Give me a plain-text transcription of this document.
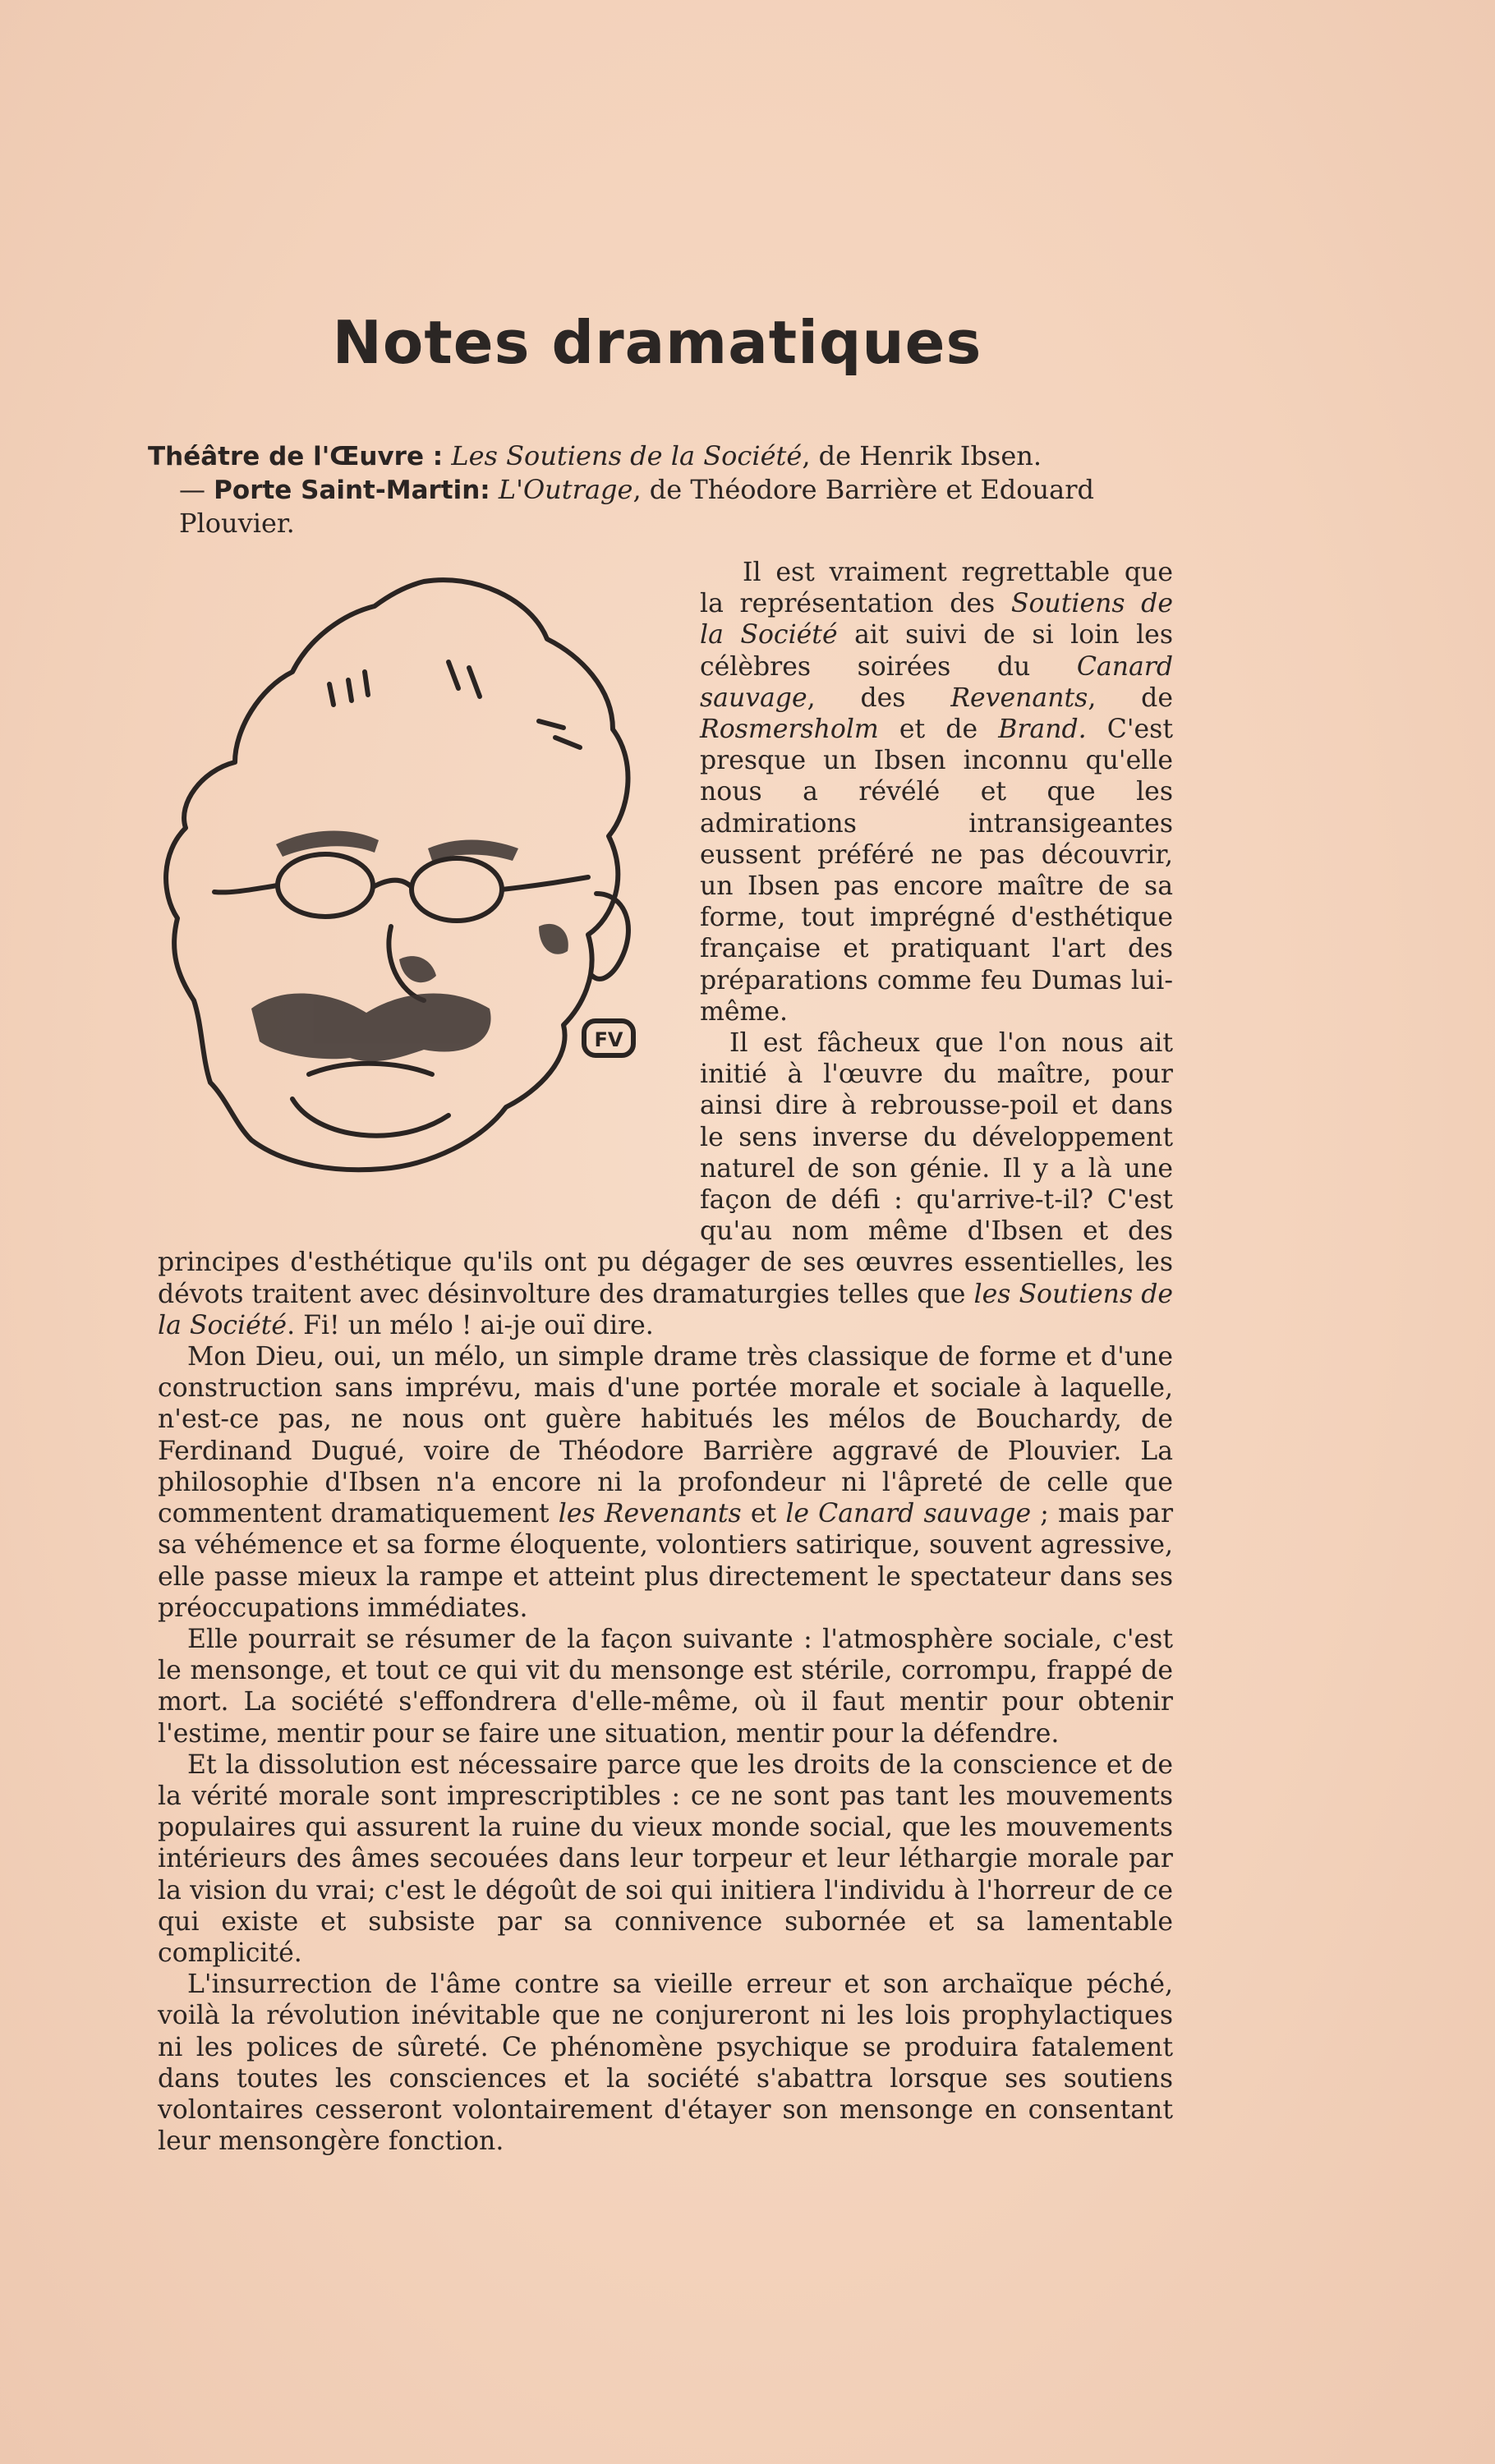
Notes dramatiques
Théâtre de l'Œuvre : Les Soutiens de la Société, de Henrik Ibsen.
— Porte Saint-Martin: L'Outrage, de Théodore Barrière et Edouard
Plouvier.
FV

Il est vraiment regrettable que la représentation des Soutiens de la Société ait suivi de si loin les célèbres soirées du Canard sauvage, des Revenants, de Rosmersholm et de Brand. C'est presque un Ibsen inconnu qu'elle nous a révélé et que les admirations intransigeantes eussent préféré ne pas découvrir, un Ibsen pas encore maître de sa forme, tout imprégné d'esthétique française et pratiquant l'art des préparations comme feu Dumas lui-même.

Il est fâcheux que l'on nous ait initié à l'œuvre du maître, pour ainsi dire à rebrousse-poil et dans le sens inverse du développement naturel de son génie. Il y a là une façon de défi : qu'arrive-t-il? C'est qu'au nom même d'Ibsen et des principes d'esthétique qu'ils ont pu dégager de ses œuvres essentielles, les dévots traitent avec désinvolture des dramaturgies telles que les Soutiens de la Société. Fi! un mélo ! ai-je ouï dire.

Mon Dieu, oui, un mélo, un simple drame très classique de forme et d'une construction sans imprévu, mais d'une portée morale et sociale à laquelle, n'est-ce pas, ne nous ont guère habitués les mélos de Bouchardy, de Ferdinand Dugué, voire de Théodore Barrière aggravé de Plouvier. La philosophie d'Ibsen n'a encore ni la profondeur ni l'âpreté de celle que commentent dramatiquement les Revenants et le Canard sauvage ; mais par sa véhémence et sa forme éloquente, volontiers satirique, souvent agressive, elle passe mieux la rampe et atteint plus directement le spectateur dans ses préoccupations immédiates.

Elle pourrait se résumer de la façon suivante : l'atmosphère sociale, c'est le mensonge, et tout ce qui vit du mensonge est stérile, corrompu, frappé de mort. La société s'effondrera d'elle-même, où il faut mentir pour obtenir l'estime, mentir pour se faire une situation, mentir pour la défendre.

Et la dissolution est nécessaire parce que les droits de la conscience et de la vérité morale sont imprescriptibles : ce ne sont pas tant les mouvements populaires qui assurent la ruine du vieux monde social, que les mouvements intérieurs des âmes secouées dans leur torpeur et leur léthargie morale par la vision du vrai; c'est le dégoût de soi qui initiera l'individu à l'horreur de ce qui existe et subsiste par sa connivence subornée et sa lamentable complicité.

L'insurrection de l'âme contre sa vieille erreur et son archaïque péché, voilà la révolution inévitable que ne conjureront ni les lois prophylactiques ni les polices de sûreté. Ce phénomène psychique se produira fatalement dans toutes les consciences et la société s'abattra lorsque ses soutiens volontaires cesseront volontairement d'étayer son mensonge en consentant leur mensongère fonction.
